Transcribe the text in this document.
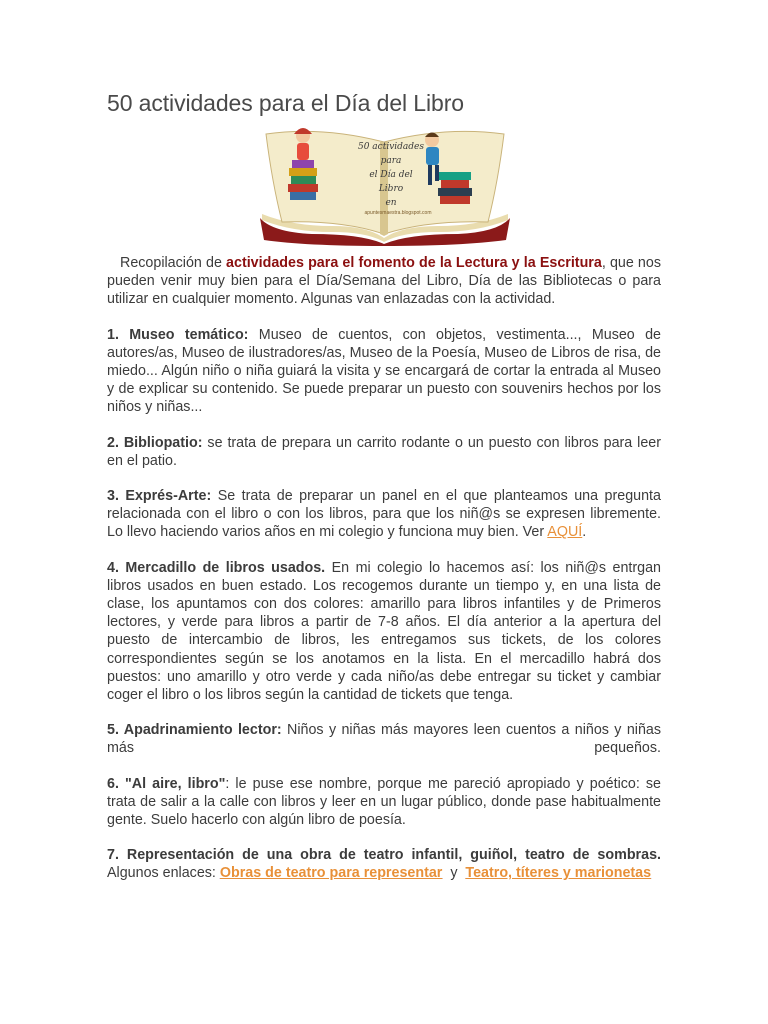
50 actividades para el Día del Libro
50 actividades
para
el Día del Libro
en
apuntesmaestra.blogspot.com

Recopilación de actividades para el fomento de la Lectura y la Escritura, que nos pueden venir muy bien para el Día/Semana del Libro, Día de las Bibliotecas o para utilizar en cualquier momento. Algunas van enlazadas con la actividad.

1. Museo temático: Museo de cuentos, con objetos, vestimenta..., Museo de autores/as, Museo de ilustradores/as, Museo de la Poesía, Museo de Libros de risa, de miedo... Algún niño o niña guiará la visita y se encargará de cortar la entrada al Museo y de explicar su contenido. Se puede preparar un puesto con souvenirs hechos por los niños y niñas...

2. Bibliopatio: se trata de prepara un carrito rodante o un puesto con libros para leer en el patio.

3. Exprés-Arte: Se trata de preparar un panel en el que planteamos una pregunta relacionada con el libro o con los libros, para que los niñ@s se expresen libremente. Lo llevo haciendo varios años en mi colegio y funciona muy bien. Ver AQUÍ.

4. Mercadillo de libros usados. En mi colegio lo hacemos así: los niñ@s entrgan libros usados en buen estado. Los recogemos durante un tiempo y, en una lista de clase, los apuntamos con dos colores: amarillo para libros infantiles y de Primeros lectores, y verde para libros a partir de 7-8 años. El día anterior a la apertura del puesto de intercambio de libros, les entregamos sus tickets, de los colores correspondientes según se los anotamos en la lista. En el mercadillo habrá dos puestos: uno amarillo y otro verde y cada niño/as debe entregar su ticket y cambiar coger el libro o los libros según la cantidad de tickets que tenga.

5. Apadrinamiento lector: Niños y niñas más mayores leen cuentos a niños y niñas más pequeños.

6. "Al aire, libro": le puse ese nombre, porque me pareció apropiado y poético: se trata de salir a la calle con libros y leer en un lugar público, donde pase habitualmente gente. Suelo hacerlo con algún libro de poesía.

7. Representación de una obra de teatro infantil, guiñol, teatro de sombras. Algunos enlaces: Obras de teatro para representar  y  Teatro, títeres y marionetas
